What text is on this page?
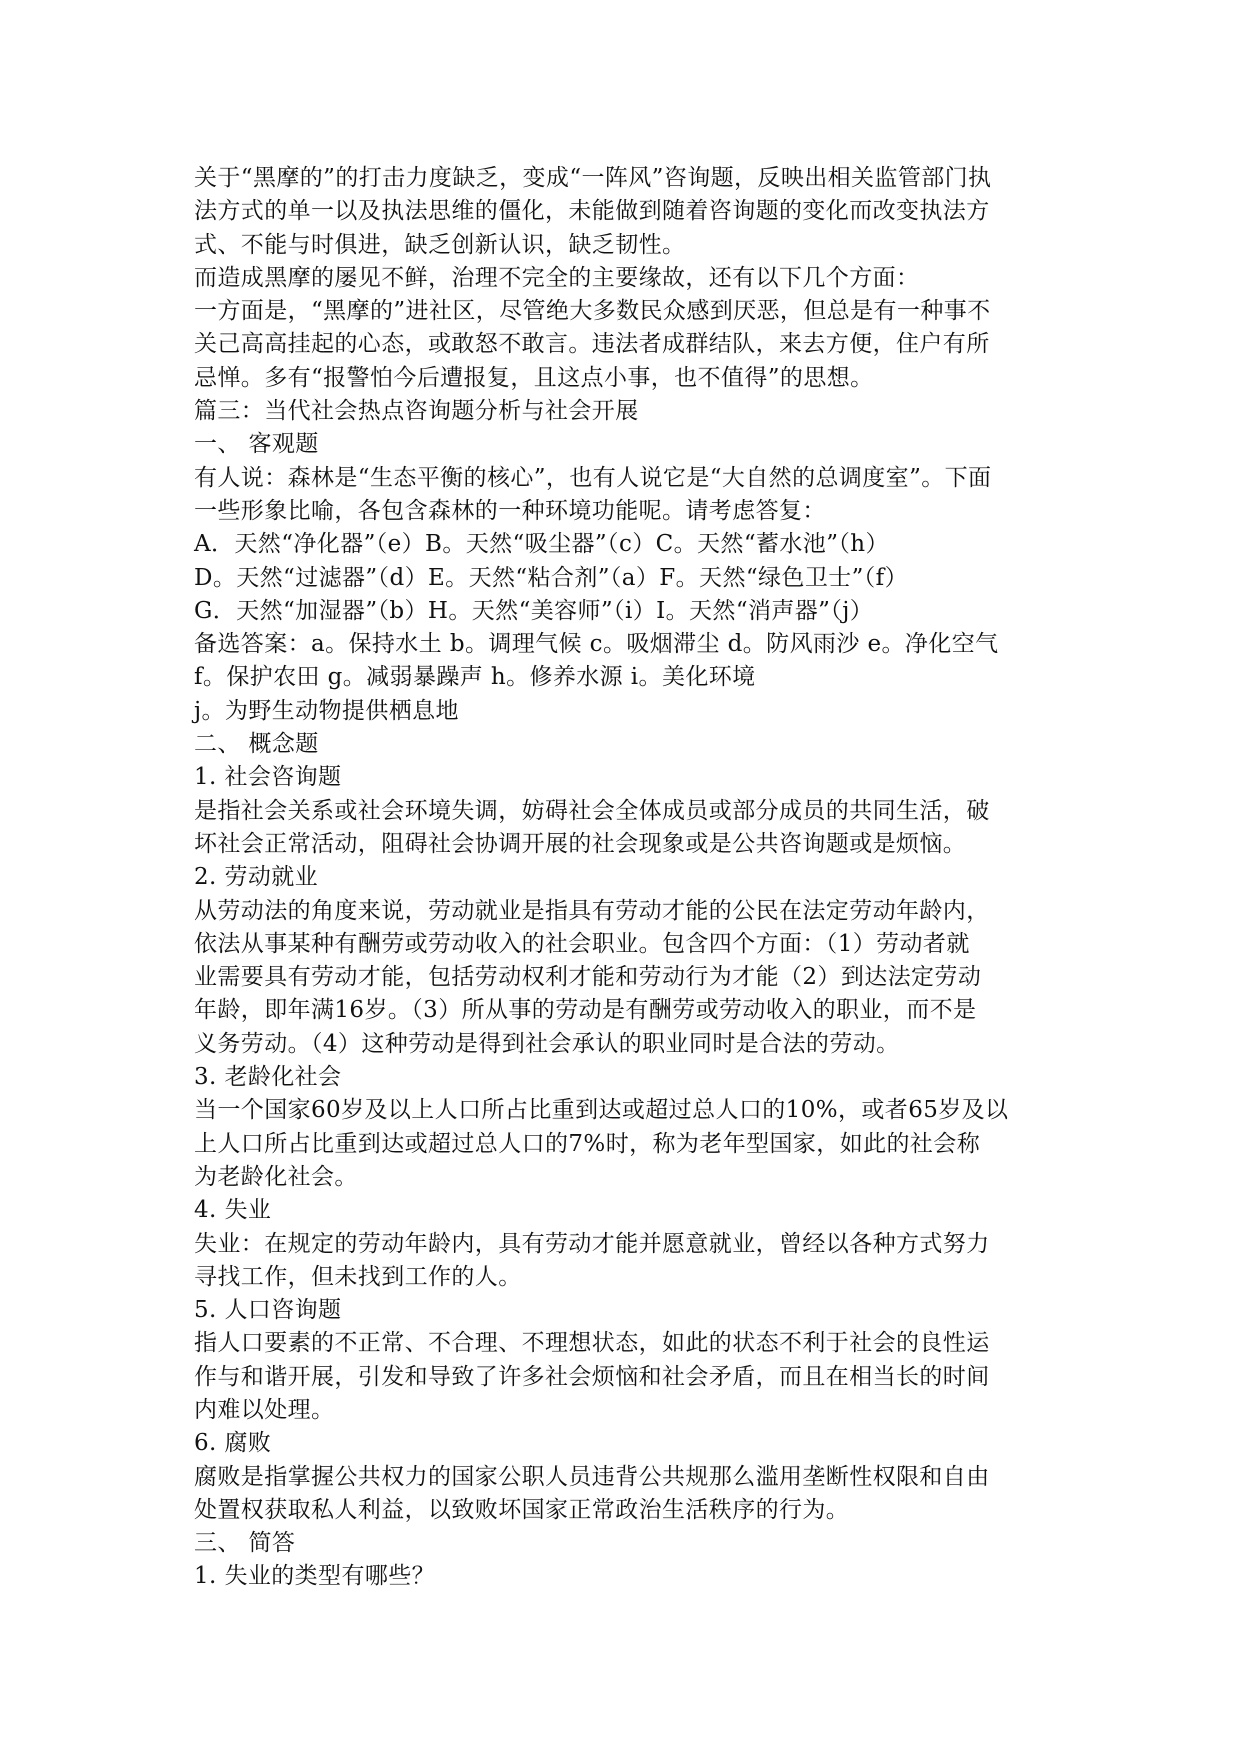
关于“黑摩的”的打击力度缺乏，变成“一阵风”咨询题，反映出相关监管部门执
法方式的单一以及执法思维的僵化，未能做到随着咨询题的变化而改变执法方
式、不能与时俱进，缺乏创新认识，缺乏韧性。
而造成黑摩的屡见不鲜，治理不完全的主要缘故，还有以下几个方面：
一方面是，“黑摩的”进社区，尽管绝大多数民众感到厌恶，但总是有一种事不
关己高高挂起的心态，或敢怒不敢言。违法者成群结队，来去方便，住户有所
忌惮。多有“报警怕今后遭报复，且这点小事，也不值得”的思想。
篇三：当代社会热点咨询题分析与社会开展
一、 客观题
有人说：森林是“生态平衡的核心”，也有人说它是“大自然的总调度室”。下面
一些形象比喻，各包含森林的一种环境功能呢。请考虑答复：
A．天然“净化器”（e）B。天然“吸尘器”（c）C。天然“蓄水池”（h）
D。天然“过滤器”（d）E。天然“粘合剂”（a）F。天然“绿色卫士”（f）
G．天然“加湿器”（b）H。天然“美容师”（i）I。天然“消声器”（j）
备选答案：a。保持水土 b。调理气候 c。吸烟滞尘 d。防风雨沙 e。净化空气
f。保护农田 g。减弱暴躁声 h。修养水源 i。美化环境
j。为野生动物提供栖息地
二、 概念题
1. 社会咨询题
是指社会关系或社会环境失调，妨碍社会全体成员或部分成员的共同生活，破
坏社会正常活动，阻碍社会协调开展的社会现象或是公共咨询题或是烦恼。
2. 劳动就业
从劳动法的角度来说，劳动就业是指具有劳动才能的公民在法定劳动年龄内，
依法从事某种有酬劳或劳动收入的社会职业。包含四个方面：（1）劳动者就
业需要具有劳动才能，包括劳动权利才能和劳动行为才能（2）到达法定劳动
年龄，即年满16岁。（3）所从事的劳动是有酬劳或劳动收入的职业，而不是
义务劳动。（4）这种劳动是得到社会承认的职业同时是合法的劳动。
3. 老龄化社会
当一个国家60岁及以上人口所占比重到达或超过总人口的10%，或者65岁及以
上人口所占比重到达或超过总人口的7%时，称为老年型国家，如此的社会称
为老龄化社会。
4. 失业
失业：在规定的劳动年龄内，具有劳动才能并愿意就业，曾经以各种方式努力
寻找工作，但未找到工作的人。
5. 人口咨询题
指人口要素的不正常、不合理、不理想状态，如此的状态不利于社会的良性运
作与和谐开展，引发和导致了许多社会烦恼和社会矛盾，而且在相当长的时间
内难以处理。
6. 腐败
腐败是指掌握公共权力的国家公职人员违背公共规那么滥用垄断性权限和自由
处置权获取私人利益，以致败坏国家正常政治生活秩序的行为。
三、 简答
1. 失业的类型有哪些？
